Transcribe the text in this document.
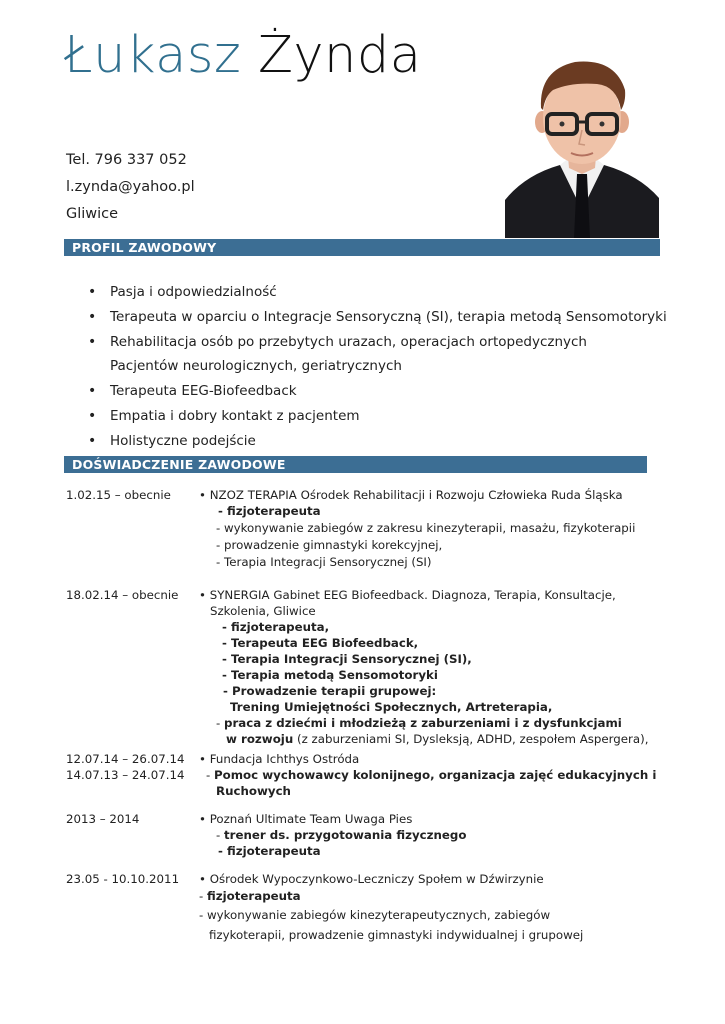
Łukasz Żynda
Tel. 796 337 052
l.zynda@yahoo.pl
Gliwice
PROFIL ZAWODOWY
• Pasja i odpowiedzialność
• Terapeuta w oparciu o Integracje Sensoryczną (SI), terapia metodą Sensomotoryki
• Rehabilitacja osób po przebytych urazach, operacjach ortopedycznych
Pacjentów neurologicznych, geriatrycznych
• Terapeuta EEG-Biofeedback
• Empatia i dobry kontakt z pacjentem
• Holistyczne podejście
DOŚWIADCZENIE ZAWODOWE
1.02.15 – obecnie • NZOZ TERAPIA Ośrodek Rehabilitacji i Rozwoju Człowieka Ruda Śląska
- fizjoterapeuta
- wykonywanie zabiegów z zakresu kinezyterapii, masażu, fizykoterapii
- prowadzenie gimnastyki korekcyjnej,
- Terapia Integracji Sensorycznej (SI)
18.02.14 – obecnie • SYNERGIA Gabinet EEG Biofeedback. Diagnoza, Terapia, Konsultacje,
Szkolenia, Gliwice
- fizjoterapeuta,
- Terapeuta EEG Biofeedback,
- Terapia Integracji Sensorycznej (SI),
- Terapia metodą Sensomotoryki
- Prowadzenie terapii grupowej:
Trening Umiejętności Społecznych, Artreterapia,
- praca z dziećmi i młodzieżą z zaburzeniami i z dysfunkcjami
w rozwoju (z zaburzeniami SI, Dysleksją, ADHD, zespołem Aspergera),
12.07.14 – 26.07.14
14.07.13 – 24.07.14
• Fundacja Ichthys Ostróda
- Pomoc wychowawcy kolonijnego, organizacja zajęć edukacyjnych i
Ruchowych
2013 – 2014	• Poznań Ultimate Team Uwaga Pies
- trener ds. przygotowania fizycznego
- fizjoterapeuta
23.05 - 10.10.2011 • Ośrodek Wypoczynkowo-Leczniczy Społem w Dźwirzynie
- fizjoterapeuta
- wykonywanie zabiegów kinezyterapeutycznych, zabiegów
fizykoterapii, prowadzenie gimnastyki indywidualnej i grupowej
